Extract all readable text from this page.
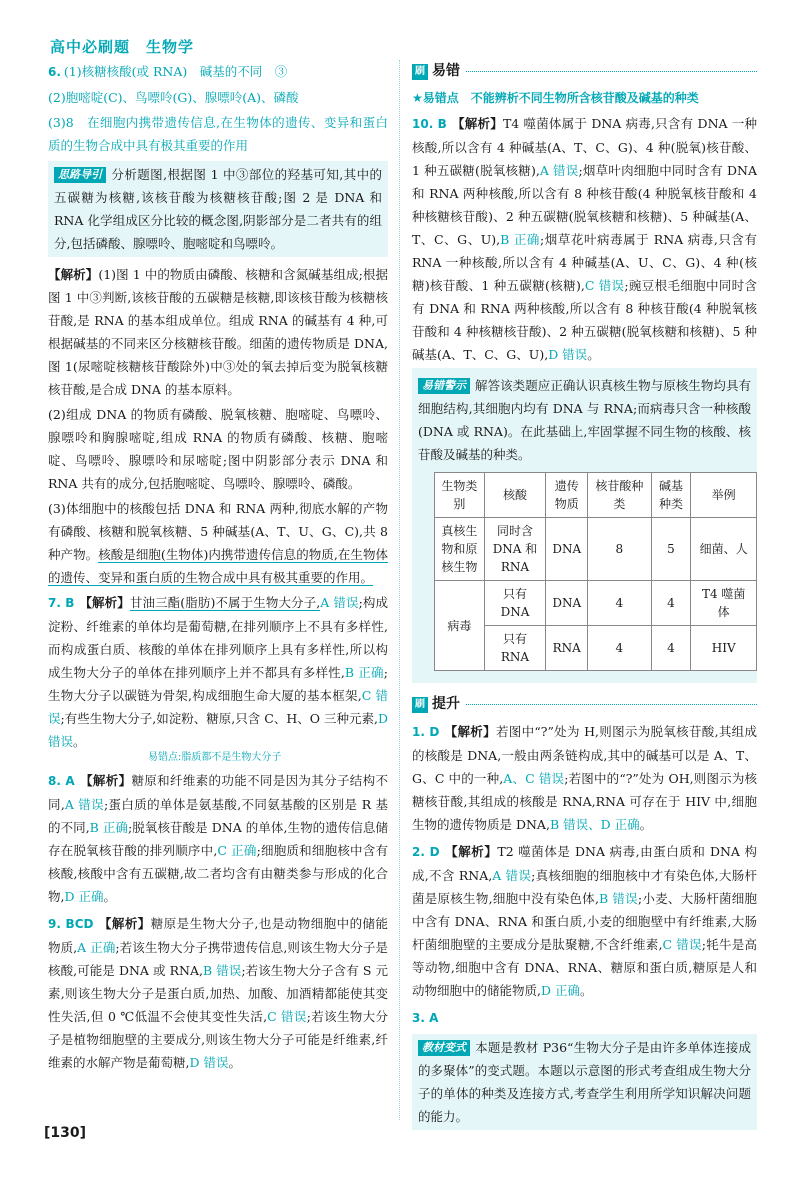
高中必刷题　生物学
6. (1)核糖核酸(或 RNA)　碱基的不同　③
(2)胞嘧啶(C)、鸟嘌呤(G)、腺嘌呤(A)、磷酸
(3)8　在细胞内携带遗传信息,在生物体的遗传、变异和蛋白质的生物合成中具有极其重要的作用
思路导引 分析题图,根据图 1 中③部位的羟基可知,其中的五碳糖为核糖,该核苷酸为核糖核苷酸;图 2 是 DNA 和 RNA 化学组成区分比较的概念图,阴影部分是二者共有的组分,包括磷酸、腺嘌呤、胞嘧啶和鸟嘌呤。
【解析】(1)图 1 中的物质由磷酸、核糖和含氮碱基组成;根据图 1 中③判断,该核苷酸的五碳糖是核糖,即该核苷酸为核糖核苷酸,是 RNA 的基本组成单位。组成 RNA 的碱基有 4 种,可根据碱基的不同来区分核糖核苷酸。细菌的遗传物质是 DNA,图 1(尿嘧啶核糖核苷酸除外)中③处的氧去掉后变为脱氧核糖核苷酸,是合成 DNA 的基本原料。
(2)组成 DNA 的物质有磷酸、脱氧核糖、胞嘧啶、鸟嘌呤、腺嘌呤和胸腺嘧啶,组成 RNA 的物质有磷酸、核糖、胞嘧啶、鸟嘌呤、腺嘌呤和尿嘧啶;图中阴影部分表示 DNA 和 RNA 共有的成分,包括胞嘧啶、鸟嘌呤、腺嘌呤、磷酸。
(3)体细胞中的核酸包括 DNA 和 RNA 两种,彻底水解的产物有磷酸、核糖和脱氧核糖、5 种碱基(A、T、U、G、C),共 8 种产物。核酸是细胞(生物体)内携带遗传信息的物质,在生物体的遗传、变异和蛋白质的生物合成中具有极其重要的作用。
7. B 【解析】甘油三酯(脂肪)不属于生物大分子,A 错误;构成淀粉、纤维素的单体均是葡萄糖,在排列顺序上不具有多样性,而构成蛋白质、核酸的单体在排列顺序上具有多样性,所以构成生物大分子的单体在排列顺序上并不都具有多样性,B 正确;生物大分子以碳链为骨架,构成细胞生命大厦的基本框架,C 错误;有些生物大分子,如淀粉、糖原,只含 C、H、O 三种元素,D 错误。
易错点:脂质都不是生物大分子
8. A 【解析】糖原和纤维素的功能不同是因为其分子结构不同,A 错误;蛋白质的单体是氨基酸,不同氨基酸的区别是 R 基的不同,B 正确;脱氧核苷酸是 DNA 的单体,生物的遗传信息储存在脱氧核苷酸的排列顺序中,C 正确;细胞质和细胞核中含有核酸,核酸中含有五碳糖,故二者均含有由糖类参与形成的化合物,D 正确。
9. BCD 【解析】糖原是生物大分子,也是动物细胞中的储能物质,A 正确;若该生物大分子携带遗传信息,则该生物大分子是核酸,可能是 DNA 或 RNA,B 错误;若该生物大分子含有 S 元素,则该生物大分子是蛋白质,加热、加酸、加酒精都能使其变性失活,但 0 ℃低温不会使其变性失活,C 错误;若该生物大分子是植物细胞壁的主要成分,则该生物大分子可能是纤维素,纤维素的水解产物是葡萄糖,D 错误。
刷 易错
★易错点　不能辨析不同生物所含核苷酸及碱基的种类
10. B 【解析】T4 噬菌体属于 DNA 病毒,只含有 DNA 一种核酸,所以含有 4 种碱基(A、T、C、G)、4 种(脱氧)核苷酸、1 种五碳糖(脱氧核糖),A 错误;烟草叶肉细胞中同时含有 DNA 和 RNA 两种核酸,所以含有 8 种核苷酸(4 种脱氧核苷酸和 4 种核糖核苷酸)、2 种五碳糖(脱氧核糖和核糖)、5 种碱基(A、T、C、G、U),B 正确;烟草花叶病毒属于 RNA 病毒,只含有 RNA 一种核酸,所以含有 4 种碱基(A、U、C、G)、4 种(核糖)核苷酸、1 种五碳糖(核糖),C 错误;豌豆根毛细胞中同时含有 DNA 和 RNA 两种核酸,所以含有 8 种核苷酸(4 种脱氧核苷酸和 4 种核糖核苷酸)、2 种五碳糖(脱氧核糖和核糖)、5 种碱基(A、T、C、G、U),D 错误。
易错警示 解答该类题应正确认识真核生物与原核生物均具有细胞结构,其细胞内均有 DNA 与 RNA;而病毒只含一种核酸(DNA 或 RNA)。在此基础上,牢固掌握不同生物的核酸、核苷酸及碱基的种类。
生物类别	核酸	遗传物质	核苷酸种类	碱基种类	举例
真核生物和原核生物	同时含 DNA 和 RNA	DNA	8	5	细菌、人
病毒	只有 DNA	DNA	4	4	T4 噬菌体
	只有 RNA	RNA	4	4	HIV
刷 提升
1. D 【解析】若图中“?”处为 H,则图示为脱氧核苷酸,其组成的核酸是 DNA,一般由两条链构成,其中的碱基可以是 A、T、G、C 中的一种,A、C 错误;若图中的“?”处为 OH,则图示为核糖核苷酸,其组成的核酸是 RNA,RNA 可存在于 HIV 中,细胞生物的遗传物质是 DNA,B 错误、D 正确。
2. D 【解析】T2 噬菌体是 DNA 病毒,由蛋白质和 DNA 构成,不含 RNA,A 错误;真核细胞的细胞核中才有染色体,大肠杆菌是原核生物,细胞中没有染色体,B 错误;小麦、大肠杆菌细胞中含有 DNA、RNA 和蛋白质,小麦的细胞壁中有纤维素,大肠杆菌细胞壁的主要成分是肽聚糖,不含纤维素,C 错误;牦牛是高等动物,细胞中含有 DNA、RNA、糖原和蛋白质,糖原是人和动物细胞中的储能物质,D 正确。
3. A
教材变式 本题是教材 P36“生物大分子是由许多单体连接成的多聚体”的变式题。本题以示意图的形式考查组成生物大分子的单体的种类及连接方式,考查学生利用所学知识解决问题的能力。
[130]
